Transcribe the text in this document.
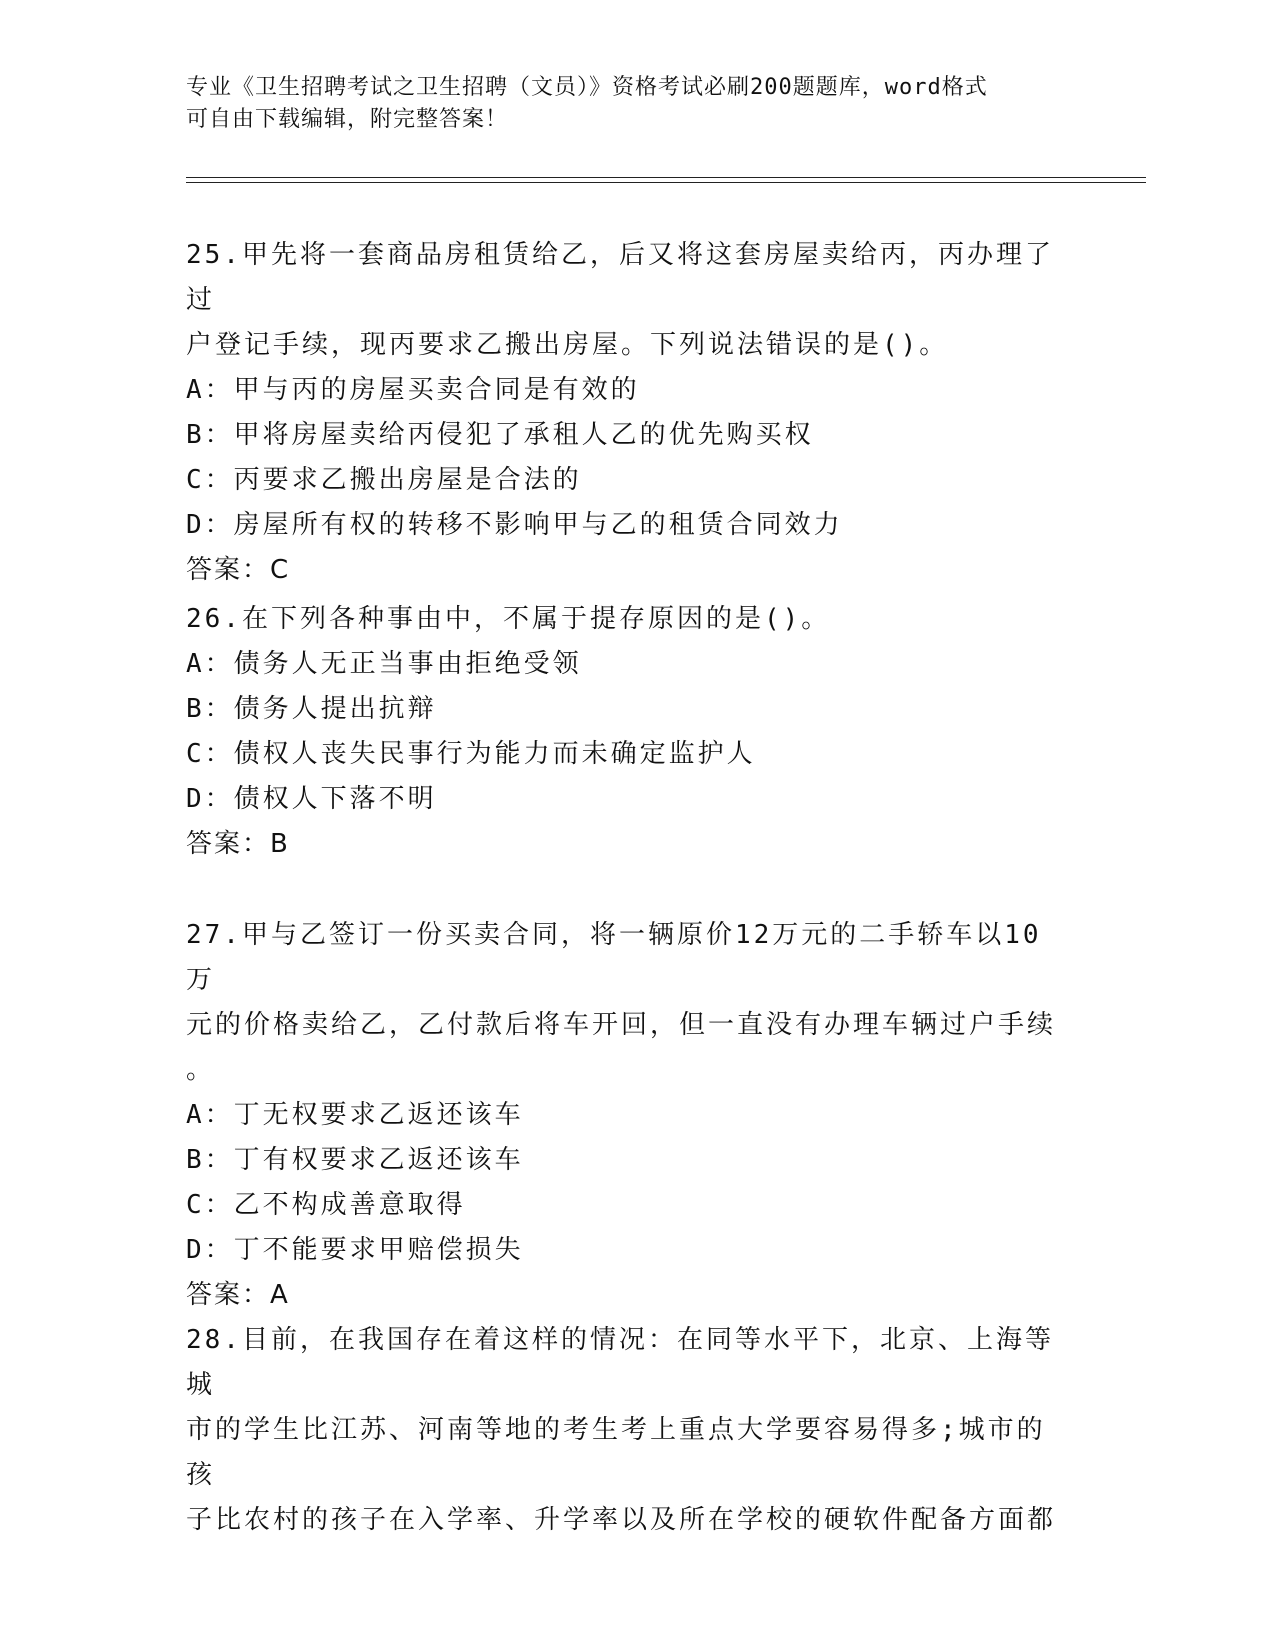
专业《卫生招聘考试之卫生招聘（文员）》资格考试必刷200题题库，word格式
可自由下载编辑，附完整答案！

25.甲先将一套商品房租赁给乙，后又将这套房屋卖给丙，丙办理了过
户登记手续，现丙要求乙搬出房屋。下列说法错误的是()。

A：甲与丙的房屋买卖合同是有效的

B：甲将房屋卖给丙侵犯了承租人乙的优先购买权

C：丙要求乙搬出房屋是合法的

D：房屋所有权的转移不影响甲与乙的租赁合同效力

答案：C

26.在下列各种事由中，不属于提存原因的是()。

A：债务人无正当事由拒绝受领

B：债务人提出抗辩

C：债权人丧失民事行为能力而未确定监护人

D：债权人下落不明

答案：B

27.甲与乙签订一份买卖合同，将一辆原价12万元的二手轿车以10万
元的价格卖给乙，乙付款后将车开回，但一直没有办理车辆过户手续
。

A：丁无权要求乙返还该车

B：丁有权要求乙返还该车

C：乙不构成善意取得

D：丁不能要求甲赔偿损失

答案：A

28.目前，在我国存在着这样的情况：在同等水平下，北京、上海等城
市的学生比江苏、河南等地的考生考上重点大学要容易得多;城市的孩
子比农村的孩子在入学率、升学率以及所在学校的硬软件配备方面都
